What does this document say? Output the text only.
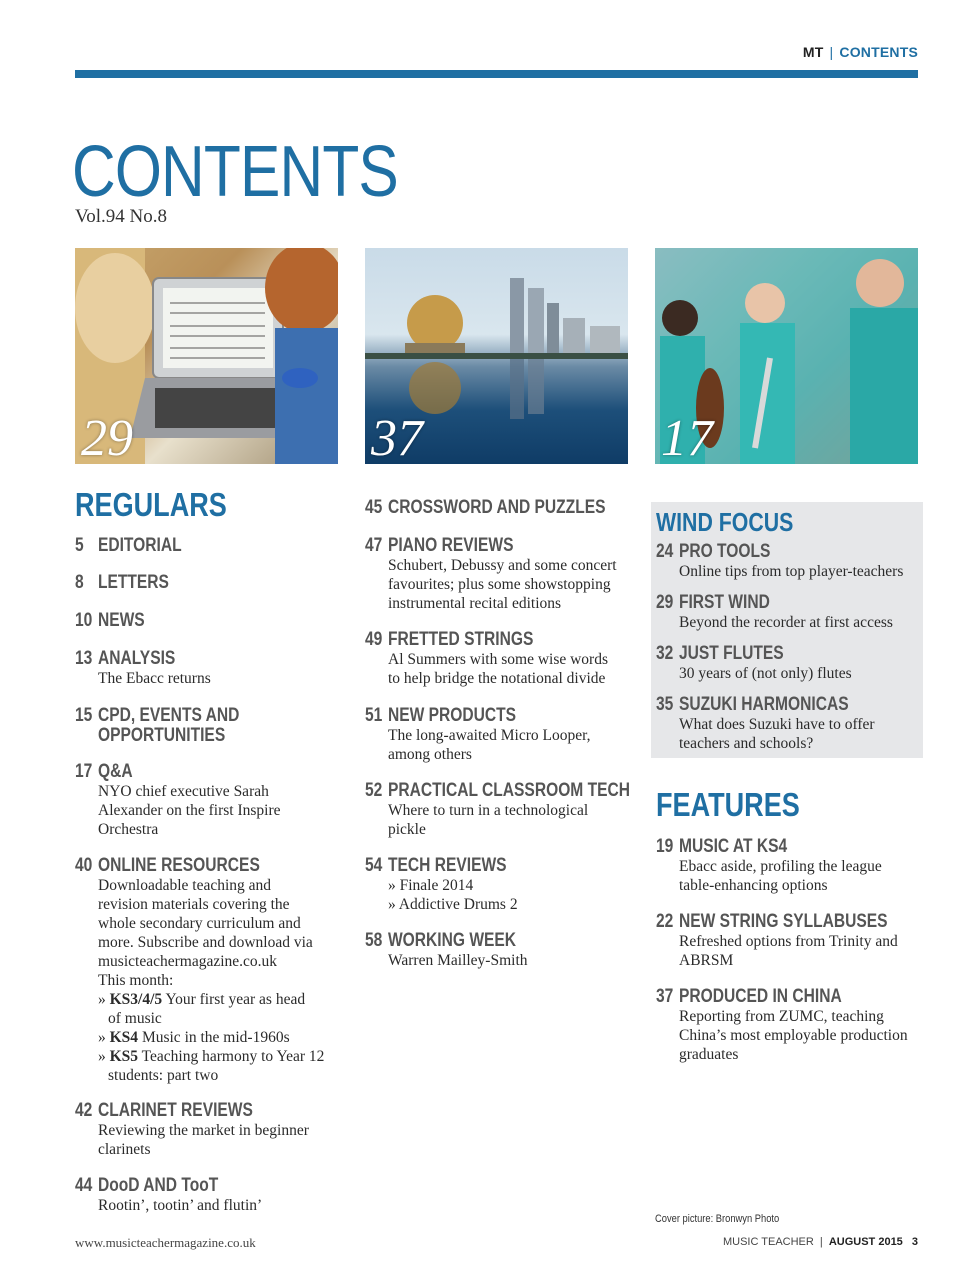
MT | CONTENTS
CONTENTS
Vol.94 No.8
29	37	17
REGULARS
5 EDITORIAL
8 LETTERS
10 NEWS
13 ANALYSIS
The Ebacc returns
15 CPD, EVENTS AND
OPPORTUNITIES
17 Q&A
NYO chief executive Sarah
Alexander on the first Inspire
Orchestra
40 ONLINE RESOURCES
Downloadable teaching and
revision materials covering the
whole secondary curriculum and
more. Subscribe and download via
musicteachermagazine.co.uk
This month:
» KS3/4/5 Your first year as head
of music
» KS4 Music in the mid-1960s
» KS5 Teaching harmony to Year 12
students: part two
42 CLARINET REVIEWS
Reviewing the market in beginner
clarinets
44 DooD AND TooT
Rootin’, tootin’ and flutin’
45 CROSSWORD AND PUZZLES
47 PIANO REVIEWS
Schubert, Debussy and some concert
favourites; plus some showstopping
instrumental recital editions
49 FRETTED STRINGS
Al Summers with some wise words
to help bridge the notational divide
51 NEW PRODUCTS
The long-awaited Micro Looper,
among others
52 PRACTICAL CLASSROOM TECH
Where to turn in a technological
pickle
54 TECH REVIEWS
» Finale 2014
» Addictive Drums 2
58 WORKING WEEK
Warren Mailley-Smith
WIND FOCUS
24 PRO TOOLS
Online tips from top player-teachers
29 FIRST WIND
Beyond the recorder at first access
32 JUST FLUTES
30 years of (not only) flutes
35 SUZUKI HARMONICAS
What does Suzuki have to offer
teachers and schools?
FEATURES
19 MUSIC AT KS4
Ebacc aside, profiling the league
table-enhancing options
22 NEW STRING SYLLABUSES
Refreshed options from Trinity and
ABRSM
37 PRODUCED IN CHINA
Reporting from ZUMC, teaching
China’s most employable production
graduates
Cover picture: Bronwyn Photo
www.musicteachermagazine.co.uk	MUSIC TEACHER | AUGUST 2015 3
